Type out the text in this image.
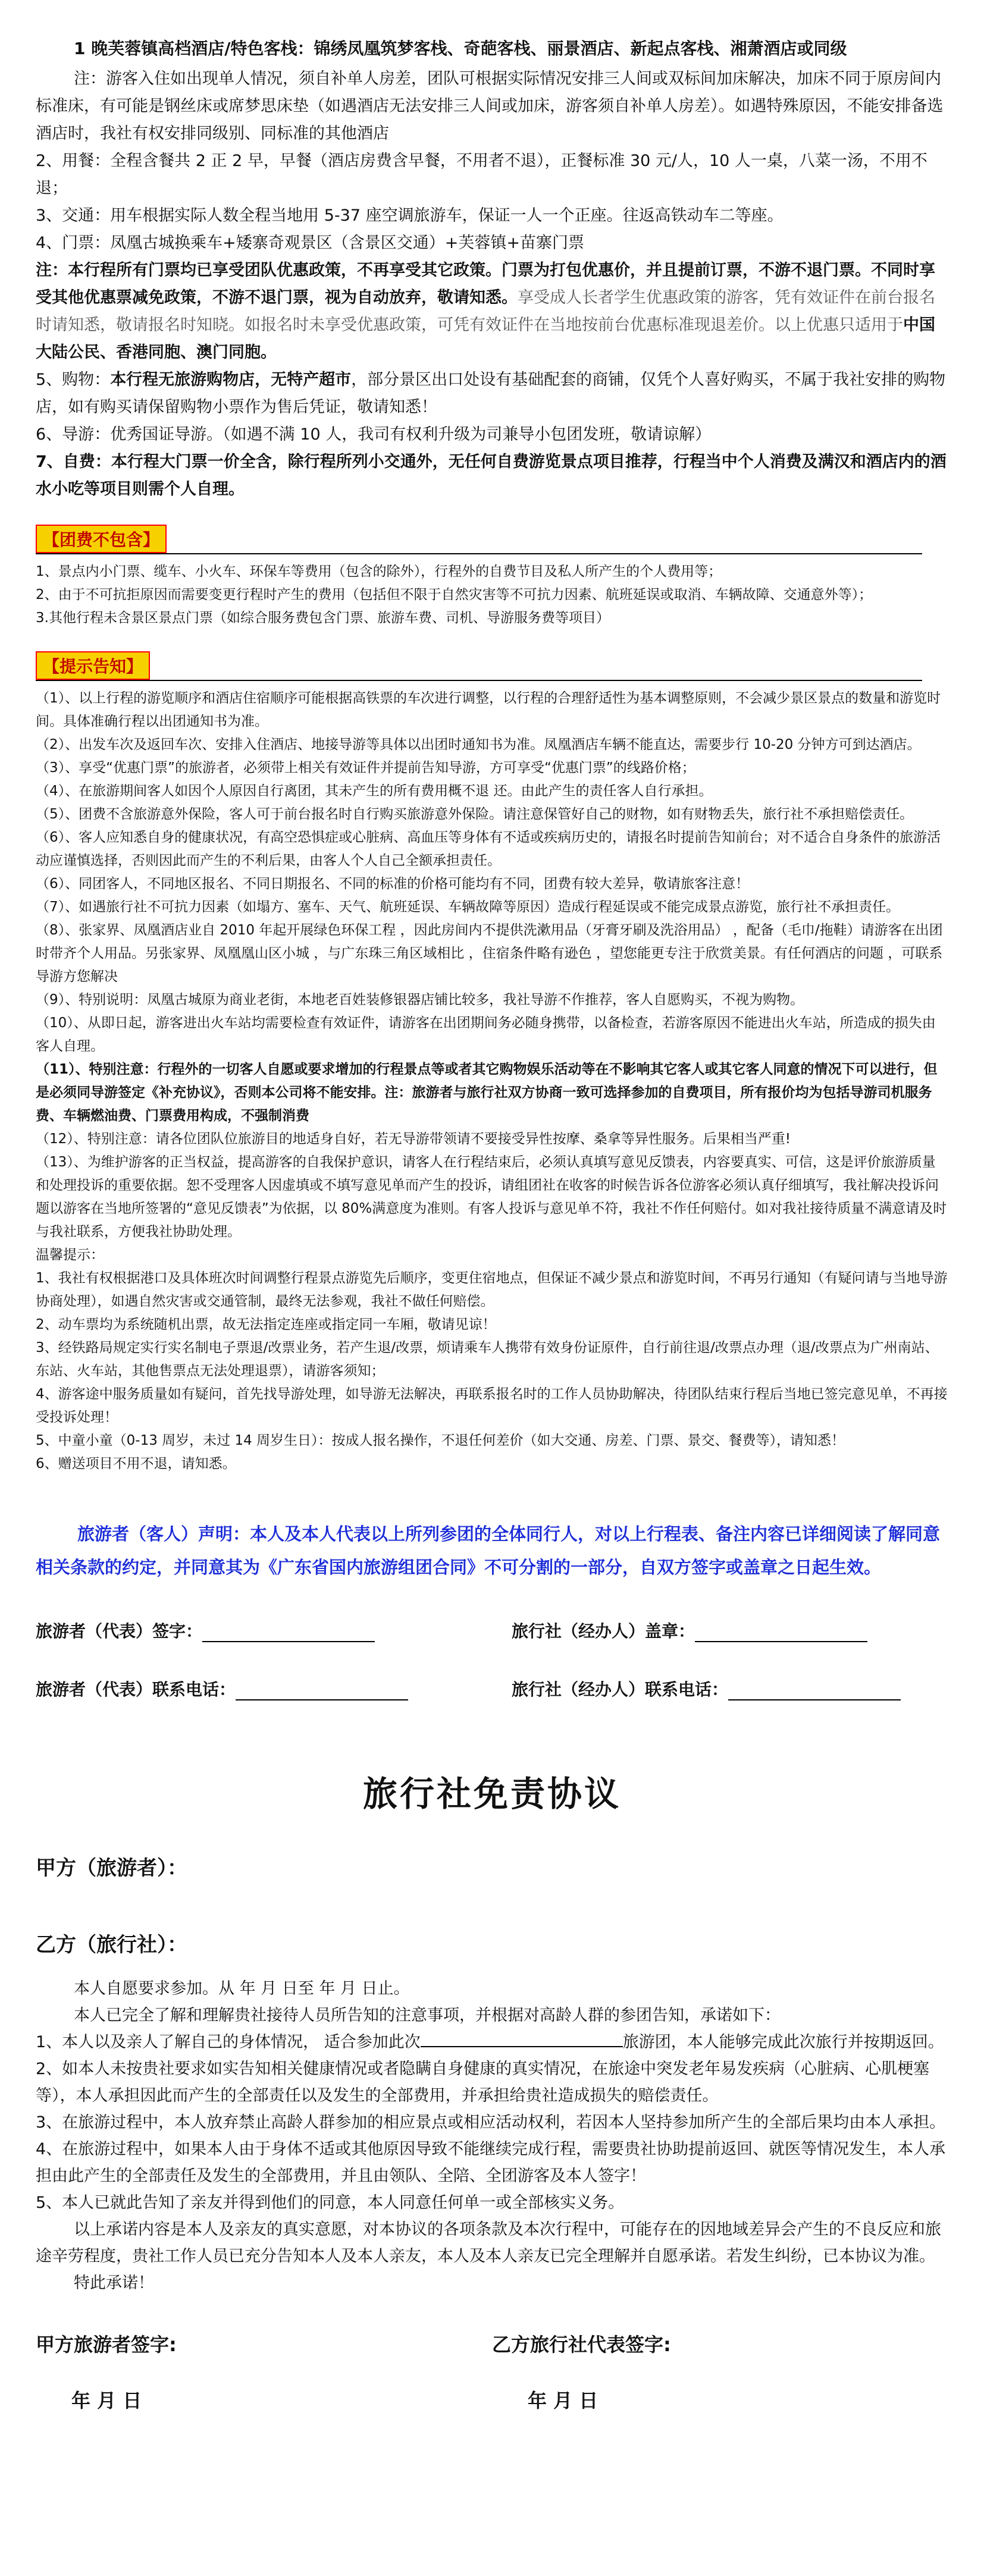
1 晚芙蓉镇高档酒店/特色客栈：锦绣凤凰筑梦客栈、奇葩客栈、丽景酒店、新起点客栈、湘萧酒店或同级

注：游客入住如出现单人情况，须自补单人房差，团队可根据实际情况安排三人间或双标间加床解决，加床不同于原房间内标准床，有可能是钢丝床或席梦思床垫（如遇酒店无法安排三人间或加床，游客须自补单人房差）。如遇特殊原因，不能安排备选酒店时，我社有权安排同级别、同标准的其他酒店

2、用餐：全程含餐共 2 正 2 早，早餐（酒店房费含早餐，不用者不退），正餐标准 30 元/人，10 人一桌，八菜一汤，不用不退；

3、交通：用车根据实际人数全程当地用 5-37 座空调旅游车，保证一人一个正座。往返高铁动车二等座。

4、门票：凤凰古城换乘车+矮寨奇观景区（含景区交通）+芙蓉镇+苗寨门票

注：本行程所有门票均已享受团队优惠政策，不再享受其它政策。门票为打包优惠价，并且提前订票，不游不退门票。不同时享受其他优惠票减免政策，不游不退门票，视为自动放弃，敬请知悉。享受成人长者学生优惠政策的游客，凭有效证件在前台报名时请知悉，敬请报名时知晓。如报名时未享受优惠政策，可凭有效证件在当地按前台优惠标准现退差价。以上优惠只适用于中国大陆公民、香港同胞、澳门同胞。

5、购物：本行程无旅游购物店，无特产超市，部分景区出口处设有基础配套的商铺，仅凭个人喜好购买，不属于我社安排的购物店，如有购买请保留购物小票作为售后凭证，敬请知悉！

6、导游：优秀国证导游。（如遇不满 10 人，我司有权利升级为司兼导小包团发班，敬请谅解）

7、自费：本行程大门票一价全含，除行程所列小交通外，无任何自费游览景点项目推荐，行程当中个人消费及满汉和酒店内的酒水小吃等项目则需个人自理。

【团费不包含】

1、景点内小门票、缆车、小火车、环保车等费用（包含的除外），行程外的自费节目及私人所产生的个人费用等；

2、由于不可抗拒原因而需要变更行程时产生的费用（包括但不限于自然灾害等不可抗力因素、航班延误或取消、车辆故障、交通意外等）；

3.其他行程未含景区景点门票（如综合服务费包含门票、旅游车费、司机、导游服务费等项目）

【提示告知】

（1）、以上行程的游览顺序和酒店住宿顺序可能根据高铁票的车次进行调整，以行程的合理舒适性为基本调整原则，不会减少景区景点的数量和游览时间。具体准确行程以出团通知书为准。

（2）、出发车次及返回车次、安排入住酒店、地接导游等具体以出团时通知书为准。凤凰酒店车辆不能直达，需要步行 10-20 分钟方可到达酒店。

（3）、享受“优惠门票”的旅游者，必须带上相关有效证件并提前告知导游，方可享受“优惠门票”的线路价格；

（4）、在旅游期间客人如因个人原因自行离团，其未产生的所有费用概不退 还。由此产生的责任客人自行承担。

（5）、团费不含旅游意外保险，客人可于前台报名时自行购买旅游意外保险。请注意保管好自己的财物，如有财物丢失，旅行社不承担赔偿责任。

（6）、客人应知悉自身的健康状况，有高空恐惧症或心脏病、高血压等身体有不适或疾病历史的，请报名时提前告知前台；对不适合自身条件的旅游活动应谨慎选择，否则因此而产生的不利后果，由客人个人自己全额承担责任。

（6）、同团客人，不同地区报名、不同日期报名、不同的标准的价格可能均有不同，团费有较大差异，敬请旅客注意！

（7）、如遇旅行社不可抗力因素（如塌方、塞车、天气、航班延误、车辆故障等原因）造成行程延误或不能完成景点游览，旅行社不承担责任。

（8）、张家界、凤凰酒店业自 2010 年起开展绿色环保工程 ，因此房间内不提供洗漱用品（牙膏牙刷及洗浴用品） ，配备（毛巾/拖鞋）请游客在出团时带齐个人用品。另张家界、凤凰凰山区小城 ，与广东珠三角区域相比 ，住宿条件略有逊色 ，望您能更专注于欣赏美景。有任何酒店的问题 ，可联系导游方您解决

（9）、特别说明：凤凰古城原为商业老街，本地老百姓装修银器店铺比较多，我社导游不作推荐，客人自愿购买，不视为购物。

（10）、从即日起，游客进出火车站均需要检查有效证件，请游客在出团期间务必随身携带，以备检查，若游客原因不能进出火车站，所造成的损失由客人自理。

（11）、特别注意：行程外的一切客人自愿或要求增加的行程景点等或者其它购物娱乐活动等在不影响其它客人或其它客人同意的情况下可以进行，但是必须同导游签定《补充协议》，否则本公司将不能安排。注：旅游者与旅行社双方协商一致可选择参加的自费项目，所有报价均为包括导游司机服务费、车辆燃油费、门票费用构成，不强制消费

（12）、特别注意：请各位团队位旅游目的地适身自好，若无导游带领请不要接受异性按摩、桑拿等异性服务。后果相当严重!

（13）、为维护游客的正当权益，提高游客的自我保护意识，请客人在行程结束后，必须认真填写意见反馈表，内容要真实、可信，这是评价旅游质量和处理投诉的重要依据。恕不受理客人因虚填或不填写意见单而产生的投诉，请组团社在收客的时候告诉各位游客必须认真仔细填写，我社解决投诉问题以游客在当地所签署的“意见反馈表”为依据，以 80%满意度为准则。有客人投诉与意见单不符，我社不作任何赔付。如对我社接待质量不满意请及时与我社联系，方便我社协助处理。

温馨提示：

1、我社有权根据港口及具体班次时间调整行程景点游览先后顺序，变更住宿地点，但保证不减少景点和游览时间，不再另行通知（有疑问请与当地导游协商处理），如遇自然灾害或交通管制，最终无法参观，我社不做任何赔偿。

2、动车票均为系统随机出票，故无法指定连座或指定同一车厢，敬请见谅！

3、经铁路局规定实行实名制电子票退/改票业务，若产生退/改票，烦请乘车人携带有效身份证原件，自行前往退/改票点办理（退/改票点为广州南站、东站、火车站，其他售票点无法处理退票），请游客须知；

4、游客途中服务质量如有疑问，首先找导游处理，如导游无法解决，再联系报名时的工作人员协助解决，待团队结束行程后当地已签完意见单，不再接受投诉处理！

5、中童小童（0-13 周岁，未过 14 周岁生日）：按成人报名操作，不退任何差价（如大交通、房差、门票、景交、餐费等），请知悉！

6、赠送项目不用不退，请知悉。

旅游者（客人）声明：本人及本人代表以上所列参团的全体同行人，对以上行程表、备注内容已详细阅读了解同意相关条款的约定，并同意其为《广东省国内旅游组团合同》不可分割的一部分，自双方签字或盖章之日起生效。

旅游者（代表）签字：	旅行社（经办人）盖章：
旅游者（代表）联系电话：	旅行社（经办人）联系电话：
旅行社免责协议
甲方（旅游者）：
乙方（旅行社）：

本人自愿要求参加。从 年 月 日至 年 月 日止。

本人已完全了解和理解贵社接待人员所告知的注意事项，并根据对高龄人群的参团告知，承诺如下：

1、本人以及亲人了解自己的身体情况， 适合参加此次	旅游团，本人能够完成此次旅行并按期返回。

2、如本人未按贵社要求如实告知相关健康情况或者隐瞒自身健康的真实情况，在旅途中突发老年易发疾病（心脏病、心肌梗塞等），本人承担因此而产生的全部责任以及发生的全部费用，并承担给贵社造成损失的赔偿责任。

3、在旅游过程中，本人放弃禁止高龄人群参加的相应景点或相应活动权利，若因本人坚持参加所产生的全部后果均由本人承担。

4、在旅游过程中，如果本人由于身体不适或其他原因导致不能继续完成行程，需要贵社协助提前返回、就医等情况发生，本人承担由此产生的全部责任及发生的全部费用，并且由领队、全陪、全团游客及本人签字！

5、本人已就此告知了亲友并得到他们的同意，本人同意任何单一或全部核实义务。

以上承诺内容是本人及亲友的真实意愿，对本协议的各项条款及本次行程中，可能存在的因地域差异会产生的不良反应和旅途辛劳程度，贵社工作人员已充分告知本人及本人亲友，本人及本人亲友已完全理解并自愿承诺。若发生纠纷，已本协议为准。

特此承诺！

甲方旅游者签字:	乙方旅行社代表签字:
年 月 日	年 月 日
